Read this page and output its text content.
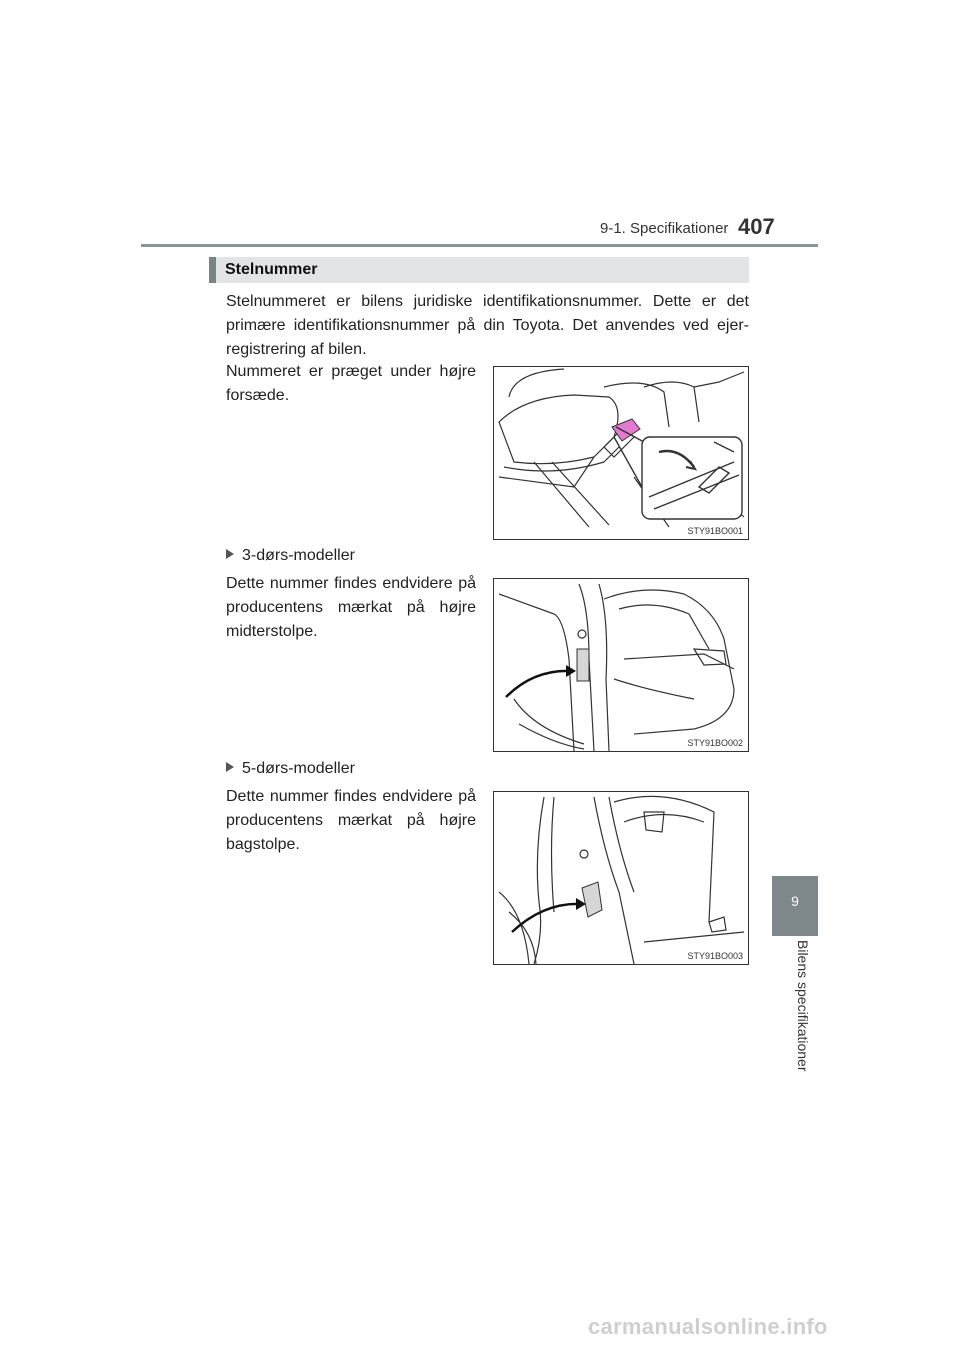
9-1. Specifikationer 407
Stelnummer

Stelnummeret er bilens juridiske identifikationsnummer. Dette er det primære identifikationsnummer på din Toyota. Det anvendes ved ejer-registrering af bilen.

Nummeret er præget under højre forsæde.

STY91BO001
3-dørs-modeller

Dette nummer findes endvidere på producentens mærkat på højre midterstolpe.

STY91BO002
5-dørs-modeller

Dette nummer findes endvidere på producentens mærkat på højre bagstolpe.

STY91BO003
9
Bilens specifikationer
carmanualsonline.info
